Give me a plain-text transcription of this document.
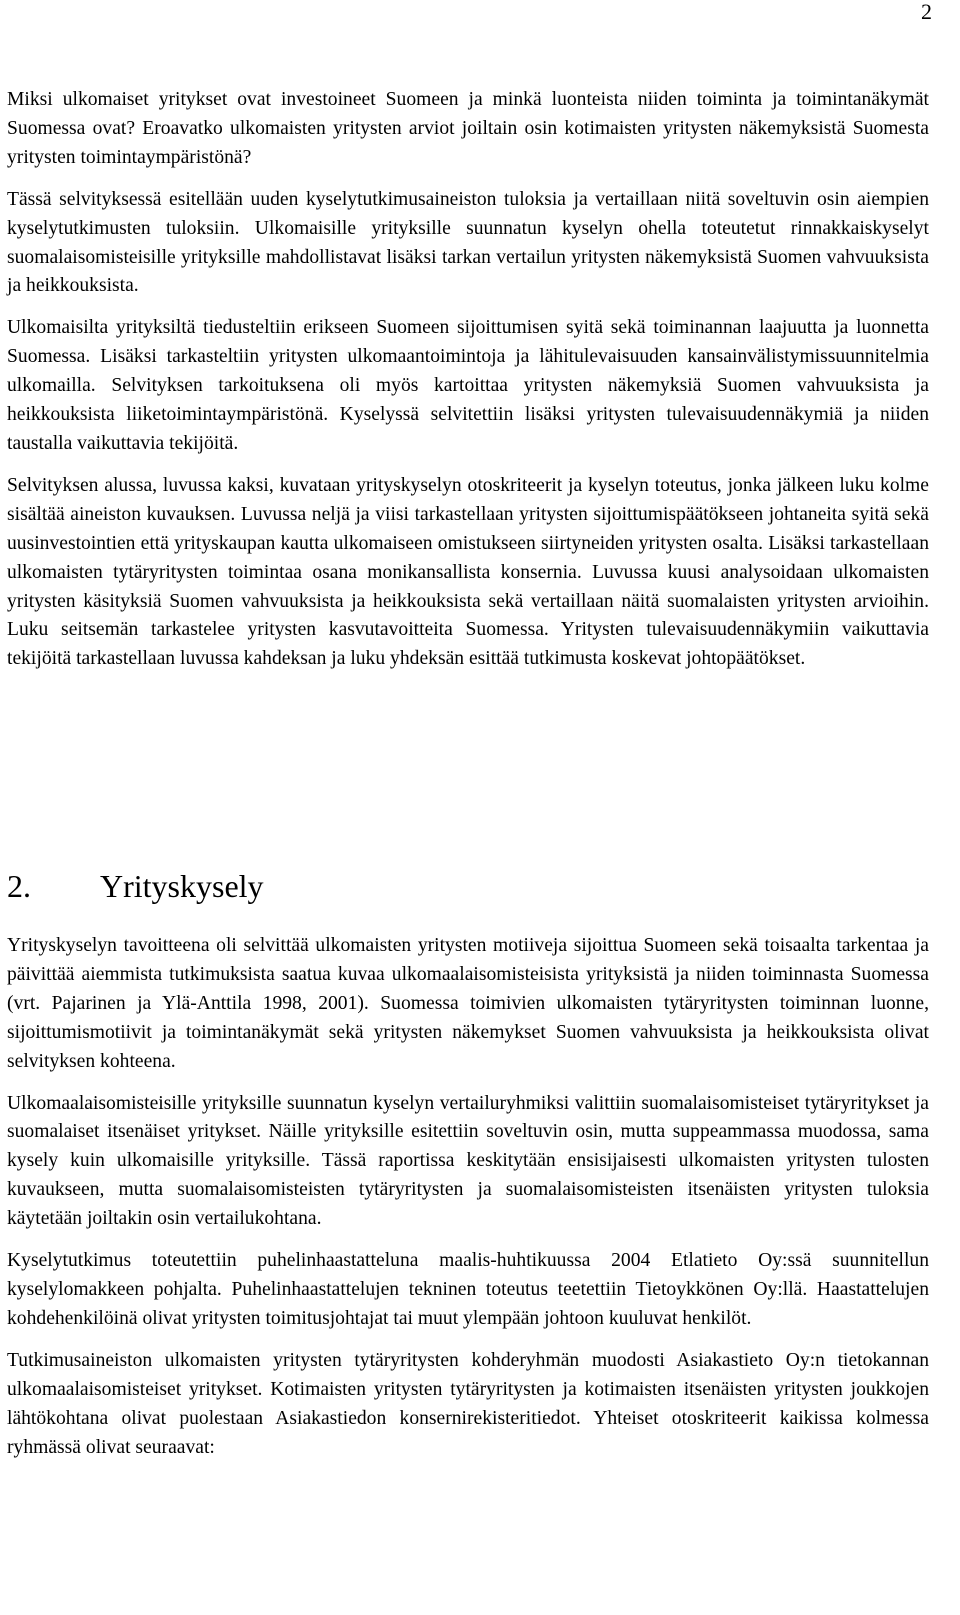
2

Miksi ulkomaiset yritykset ovat investoineet Suomeen ja minkä luonteista niiden toiminta ja toimintanäkymät Suomessa ovat? Eroavatko ulkomaisten yritysten arviot joiltain osin kotimaisten yritysten näkemyksistä Suomesta yritysten toimintaympäristönä?

Tässä selvityksessä esitellään uuden kyselytutkimusaineiston tuloksia ja vertaillaan niitä soveltuvin osin aiempien kyselytutkimusten tuloksiin. Ulkomaisille yrityksille suunnatun kyselyn ohella toteutetut rinnakkaiskyselyt suomalaisomisteisille yrityksille mahdollistavat lisäksi tarkan vertailun yritysten näkemyksistä Suomen vahvuuksista ja heikkouksista.

Ulkomaisilta yrityksiltä tiedusteltiin erikseen Suomeen sijoittumisen syitä sekä toiminannan laajuutta ja luonnetta Suomessa. Lisäksi tarkasteltiin yritysten ulkomaantoimintoja ja lähitulevaisuuden kansainvälistymissuunnitelmia ulkomailla. Selvityksen tarkoituksena oli myös kartoittaa yritysten näkemyksiä Suomen vahvuuksista ja heikkouksista liiketoimintaympäristönä. Kyselyssä selvitettiin lisäksi yritysten tulevaisuudennäkymiä ja niiden taustalla vaikuttavia tekijöitä.

Selvityksen alussa, luvussa kaksi, kuvataan yrityskyselyn otoskriteerit ja kyselyn toteutus, jonka jälkeen luku kolme sisältää aineiston kuvauksen. Luvussa neljä ja viisi tarkastellaan yritysten sijoittumispäätökseen johtaneita syitä sekä uusinvestointien että yrityskaupan kautta ulkomaiseen omistukseen siirtyneiden yritysten osalta. Lisäksi tarkastellaan ulkomaisten tytäryritysten toimintaa osana monikansallista konsernia. Luvussa kuusi analysoidaan ulkomaisten yritysten käsityksiä Suomen vahvuuksista ja heikkouksista sekä vertaillaan näitä suomalaisten yritysten arvioihin. Luku seitsemän tarkastelee yritysten kasvutavoitteita Suomessa. Yritysten tulevaisuudennäkymiin vaikuttavia tekijöitä tarkastellaan luvussa kahdeksan ja luku yhdeksän esittää tutkimusta koskevat johtopäätökset.

2. Yrityskysely

Yrityskyselyn tavoitteena oli selvittää ulkomaisten yritysten motiiveja sijoittua Suomeen sekä toisaalta tarkentaa ja päivittää aiemmista tutkimuksista saatua kuvaa ulkomaalaisomisteisista yrityksistä ja niiden toiminnasta Suomessa (vrt. Pajarinen ja Ylä-Anttila 1998, 2001). Suomessa toimivien ulkomaisten tytäryritysten toiminnan luonne, sijoittumismotiivit ja toimintanäkymät sekä yritysten näkemykset Suomen vahvuuksista ja heikkouksista olivat selvityksen kohteena.

Ulkomaalaisomisteisille yrityksille suunnatun kyselyn vertailuryhmiksi valittiin suomalaisomisteiset tytäryritykset ja suomalaiset itsenäiset yritykset. Näille yrityksille esitettiin soveltuvin osin, mutta suppeammassa muodossa, sama kysely kuin ulkomaisille yrityksille. Tässä raportissa keskitytään ensisijaisesti ulkomaisten yritysten tulosten kuvaukseen, mutta suomalaisomisteisten tytäryritysten ja suomalaisomisteisten itsenäisten yritysten tuloksia käytetään joiltakin osin vertailukohtana.

Kyselytutkimus toteutettiin puhelinhaastatteluna maalis-huhtikuussa 2004 Etlatieto Oy:ssä suunnitellun kyselylomakkeen pohjalta. Puhelinhaastattelujen tekninen toteutus teetettiin Tietoykkönen Oy:llä. Haastattelujen kohdehenkilöinä olivat yritysten toimitusjohtajat tai muut ylempään johtoon kuuluvat henkilöt.

Tutkimusaineiston ulkomaisten yritysten tytäryritysten kohderyhmän muodosti Asiakastieto Oy:n tietokannan ulkomaalaisomisteiset yritykset. Kotimaisten yritysten tytäryritysten ja kotimaisten itsenäisten yritysten joukkojen lähtökohtana olivat puolestaan Asiakastiedon konsernirekisteritiedot. Yhteiset otoskriteerit kaikissa kolmessa ryhmässä olivat seuraavat:
